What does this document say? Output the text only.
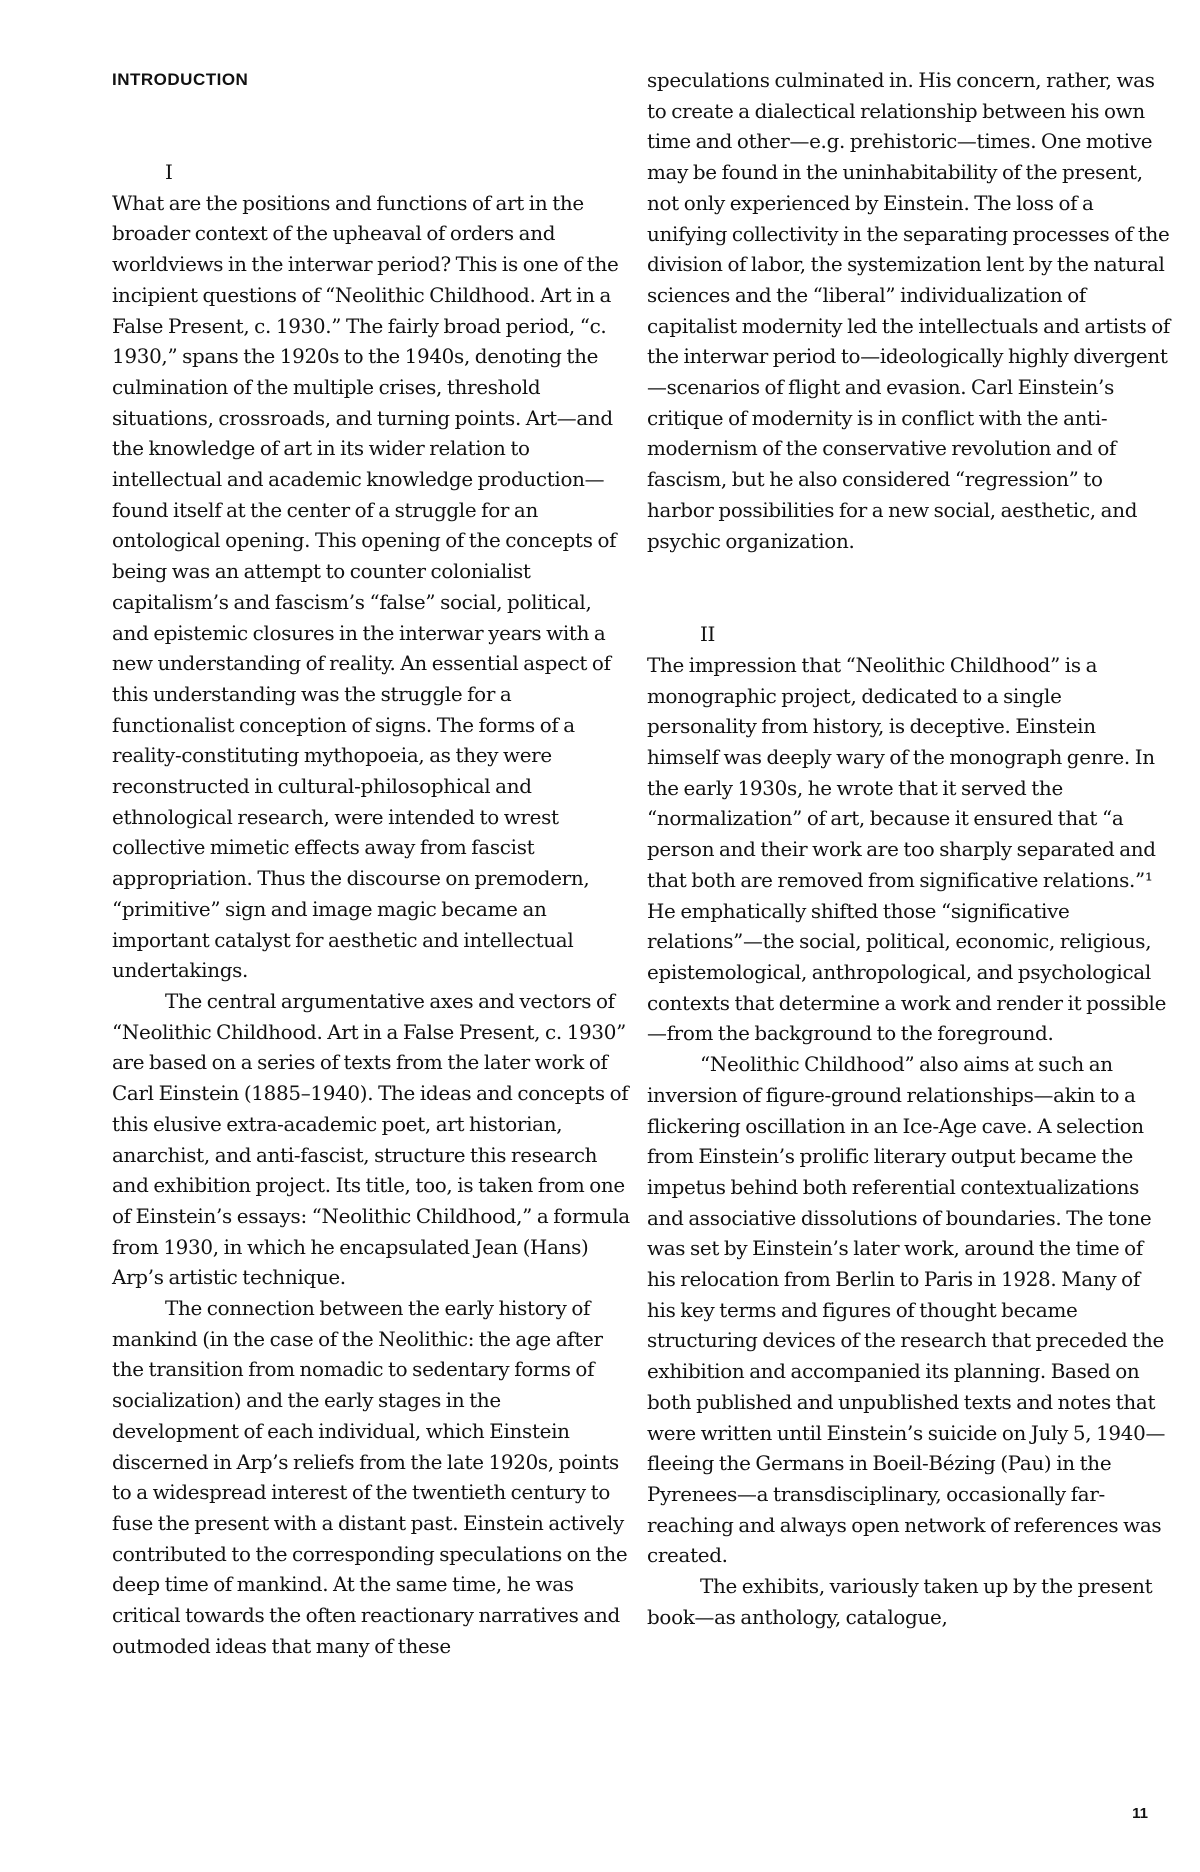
INTRODUCTION

I

What are the positions and functions of art in the broader context of the upheaval of orders and worldviews in the interwar period? This is one of the incipient questions of “Neolithic Childhood. Art in a False Present, c. 1930.” The fairly broad period, “c. 1930,” spans the 1920s to the 1940s, denoting the culmination of the multiple crises, threshold situations, crossroads, and turning points. Art—and the knowledge of art in its wider relation to intellectual and academic knowledge production—found itself at the center of a struggle for an ontological opening. This opening of the concepts of being was an attempt to counter colonialist capitalism’s and fascism’s “false” social, political, and epistemic closures in the interwar years with a new understanding of reality. An essential aspect of this understanding was the struggle for a functionalist conception of signs. The forms of a reality-constituting mythopoeia, as they were reconstructed in cultural-philosophical and ethnological research, were intended to wrest collective mimetic effects away from fascist appropriation. Thus the discourse on premodern, “primitive” sign and image magic became an important catalyst for aesthetic and intellectual undertakings.

The central argumentative axes and vectors of “Neolithic Childhood. Art in a False Present, c. 1930” are based on a series of texts from the later work of Carl Einstein (1885–1940). The ideas and concepts of this elusive extra-academic poet, art historian, anarchist, and anti-fascist, structure this research and exhibition project. Its title, too, is taken from one of Einstein’s essays: “Neolithic Childhood,” a formula from 1930, in which he encapsulated Jean (Hans) Arp’s artistic technique.

The connection between the early history of mankind (in the case of the Neolithic: the age after the transition from nomadic to sedentary forms of socialization) and the early stages in the development of each individual, which Einstein discerned in Arp’s reliefs from the late 1920s, points to a widespread interest of the twentieth century to fuse the present with a distant past. Einstein actively contributed to the corresponding speculations on the deep time of mankind. At the same time, he was critical towards the often reactionary narratives and outmoded ideas that many of these

speculations culminated in. His concern, rather, was to create a dialectical relationship between his own time and other—e.g. prehistoric—times. One motive may be found in the uninhabitability of the present, not only experienced by Einstein. The loss of a unifying collectivity in the separating processes of the division of labor, the systemization lent by the natural sciences and the “liberal” individualization of capitalist modernity led the intellectuals and artists of the interwar period to—ideologically highly divergent—scenarios of flight and evasion. Carl Einstein’s critique of modernity is in conflict with the anti-modernism of the conservative revolution and of fascism, but he also considered “regression” to harbor possibilities for a new social, aesthetic, and psychic organization.

II

The impression that “Neolithic Childhood” is a monographic project, dedicated to a single personality from history, is deceptive. Einstein himself was deeply wary of the monograph genre. In the early 1930s, he wrote that it served the “normalization” of art, because it ensured that “a person and their work are too sharply separated and that both are removed from significative relations.”¹ He emphatically shifted those “significative relations”—the social, political, economic, religious, epistemological, anthropological, and psychological contexts that determine a work and render it possible—from the background to the foreground.

“Neolithic Childhood” also aims at such an inversion of figure-ground relationships—akin to a flickering oscillation in an Ice-Age cave. A selection from Einstein’s prolific literary output became the impetus behind both referential contextualizations and associative dissolutions of boundaries. The tone was set by Einstein’s later work, around the time of his relocation from Berlin to Paris in 1928. Many of his key terms and figures of thought became structuring devices of the research that preceded the exhibition and accompanied its planning. Based on both published and unpublished texts and notes that were written until Einstein’s suicide on July 5, 1940—fleeing the Germans in Boeil-Bézing (Pau) in the Pyrenees—a transdisciplinary, occasionally far-reaching and always open network of references was created.

The exhibits, variously taken up by the present book—as anthology, catalogue,

11
